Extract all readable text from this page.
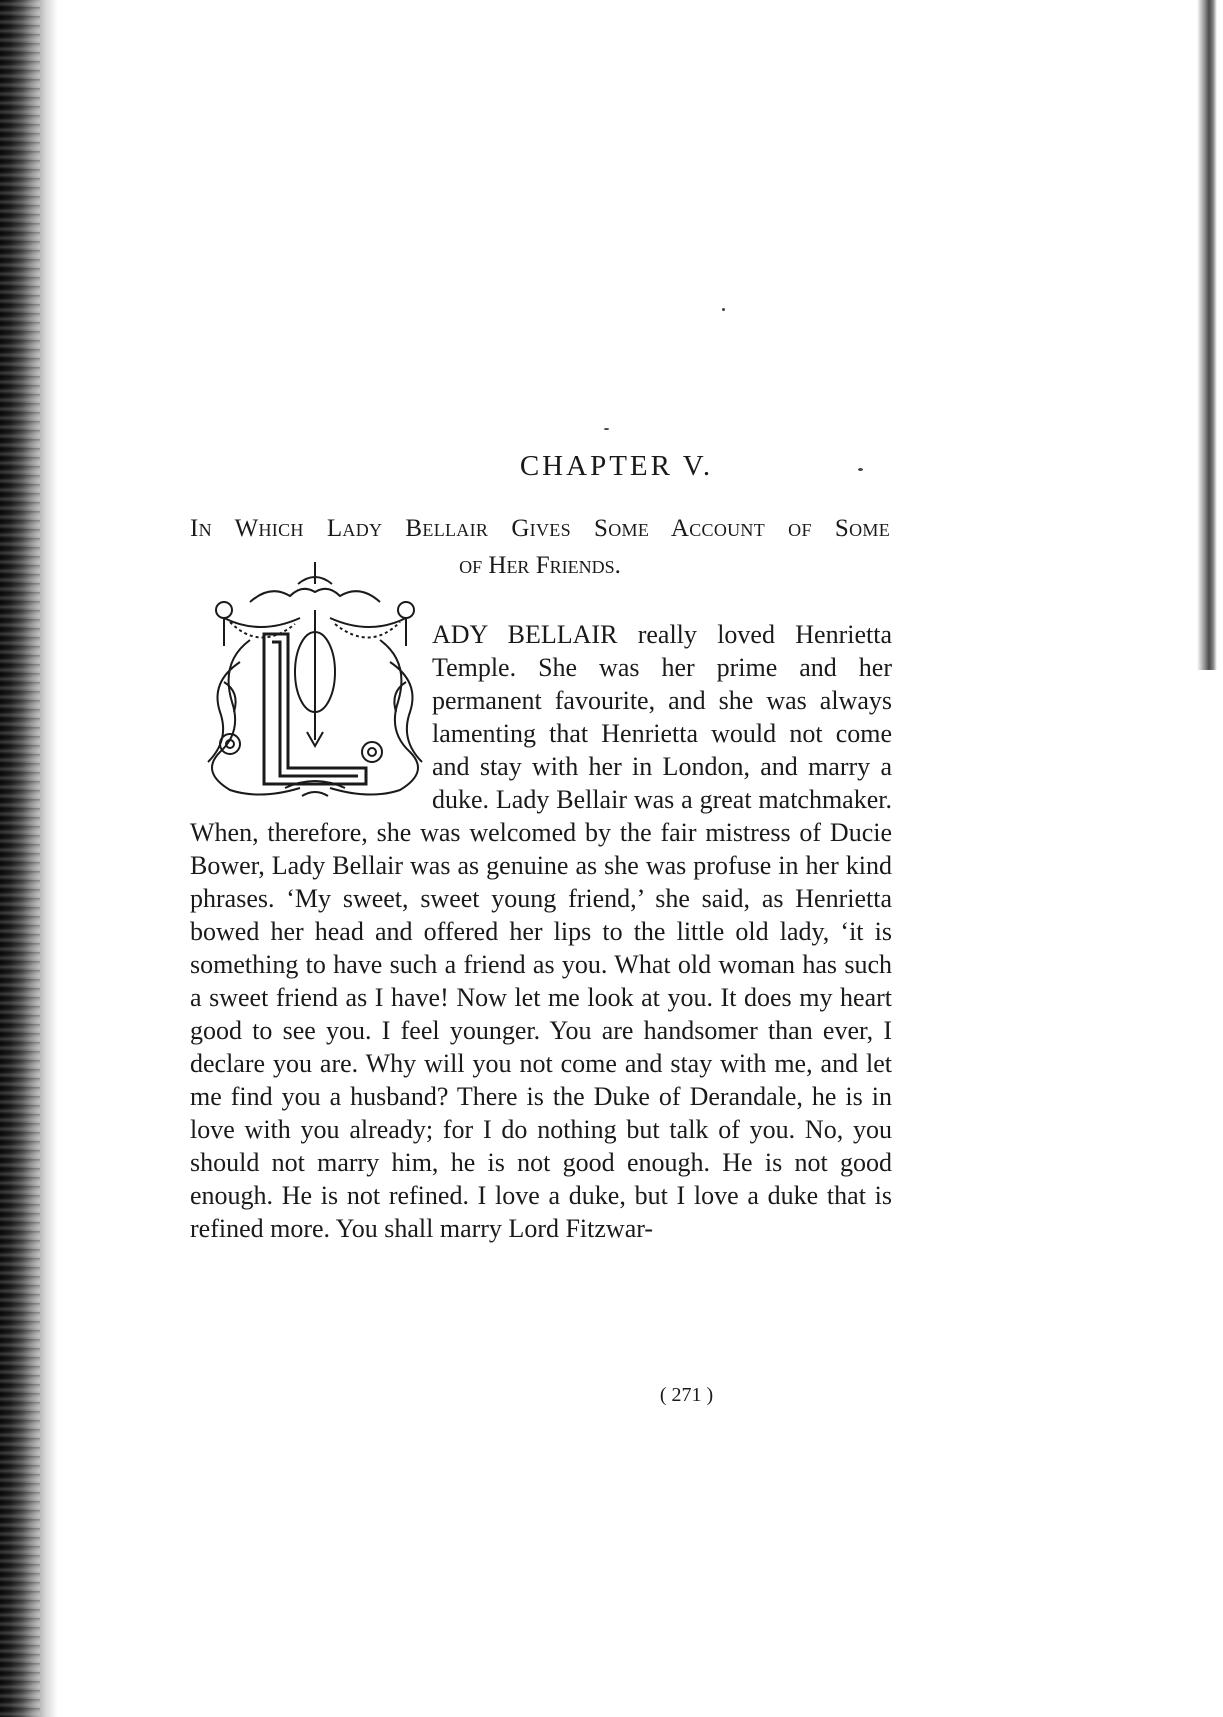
CHAPTER V.
In Which Lady Bellair Gives Some Account of Some
of Her Friends.
L
ADY BELLAIR really loved Henrietta Temple. She was her prime and her permanent favourite, and she was always lamenting that Henrietta would not come and stay with her in London, and marry a duke. Lady Bellair was a great matchmaker. When, therefore, she was welcomed by the fair mistress of Ducie Bower, Lady Bellair was as genuine as she was profuse in her kind phrases. ‘My sweet, sweet young friend,’ she said, as Henrietta bowed her head and offered her lips to the little old lady, ‘it is something to have such a friend as you. What old woman has such a sweet friend as I have! Now let me look at you. It does my heart good to see you. I feel younger. You are handsomer than ever, I declare you are. Why will you not come and stay with me, and let me find you a husband? There is the Duke of Derandale, he is in love with you already; for I do nothing but talk of you. No, you should not marry him, he is not good enough. He is not good enough. He is not refined. I love a duke, but I love a duke that is refined more. You shall marry Lord Fitzwar-
( 271 )
